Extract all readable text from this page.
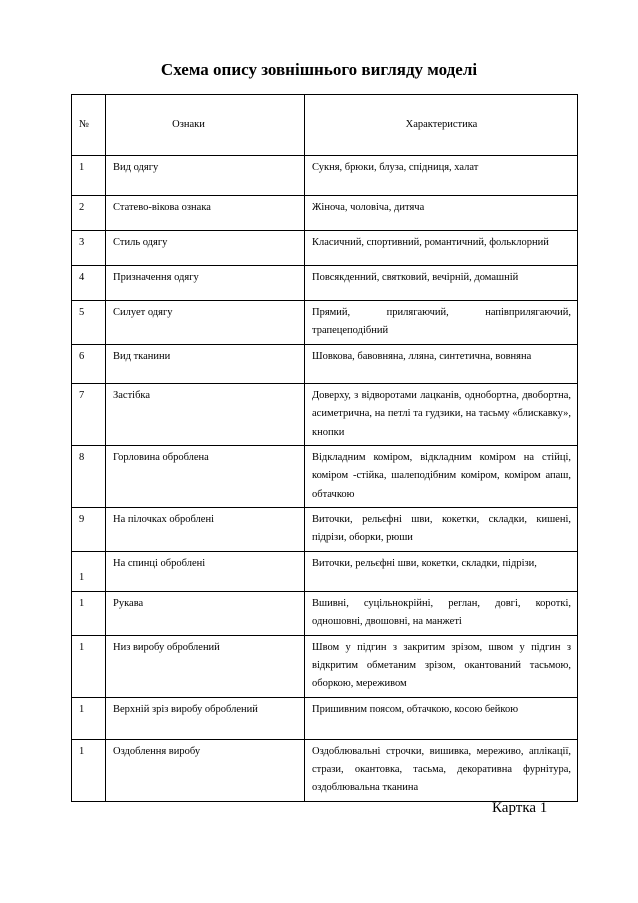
Схема опису зовнішнього вигляду моделі
№	Ознаки	Характеристика
1	Вид одягу	Сукня, брюки, блуза, спідниця, халат
2	Статево-вікова ознака	Жіноча, чоловіча, дитяча
3	Стиль одягу	Класичний, спортивний, романтичний, фольклорний
4	Призначення одягу	Повсякденний, святковий, вечірній, домашній
5	Силует одягу	Прямий, прилягаючий, напівприлягаючий, трапецеподібний
6	Вид тканини	Шовкова, бавовняна, лляна, синтетична, вовняна
7	Застібка	Доверху, з відворотами лацканів, однобортна, двобортна, асиметрична, на петлі та гудзики, на тасьму «блискавку», кнопки
8	Горловина оброблена	Відкладним коміром, відкладним коміром на стійці, коміром -стійка, шалеподібним коміром, коміром апаш, обтачкою
9	На пілочках оброблені	Виточки, рельєфні шви, кокетки, складки, кишені, підрізи, оборки, рюши
1	На спинці оброблені	Виточки, рельєфні шви, кокетки, складки, підрізи,
1	Рукава	Вшивні, суцільнокрійні, реглан, довгі, короткі, одношовні, двошовні, на манжеті
1	Низ виробу оброблений	Швом у підгин з закритим зрізом, швом у підгин з відкритим обметаним зрізом, окантований тасьмою, оборкою, мереживом
1	Верхній зріз виробу оброблений	Пришивним поясом, обтачкою, косою бейкою
1	Оздоблення виробу	Оздоблювальні строчки, вишивка, мереживо, аплікації, стрази, окантовка, тасьма, декоративна фурнітура, оздоблювальна тканина
Картка 1
